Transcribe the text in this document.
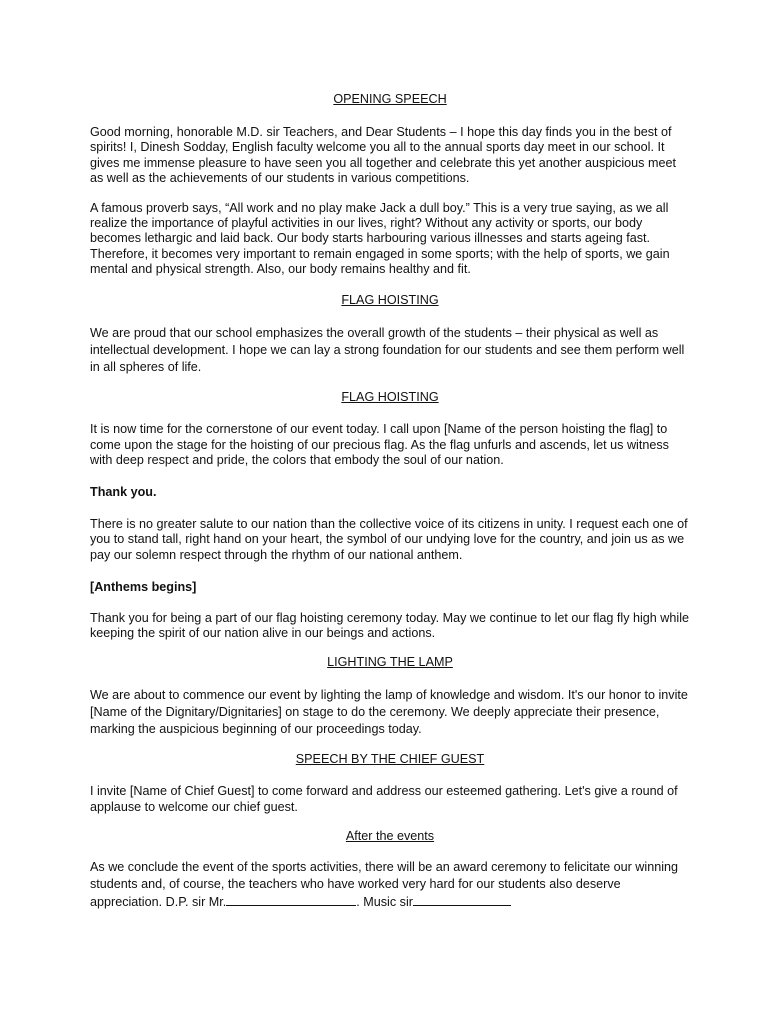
OPENING SPEECH

Good morning, honorable M.D. sir Teachers, and Dear Students – I hope this day finds you in the best of spirits! I, Dinesh Sodday, English faculty welcome you all to the annual sports day meet in our school. It gives me immense pleasure to have seen you all together and celebrate this yet another auspicious meet as well as the achievements of our students in various competitions.

A famous proverb says, “All work and no play make Jack a dull boy.” This is a very true saying, as we all realize the importance of playful activities in our lives, right? Without any activity or sports, our body becomes lethargic and laid back. Our body starts harbouring various illnesses and starts ageing fast. Therefore, it becomes very important to remain engaged in some sports; with the help of sports, we gain mental and physical strength. Also, our body remains healthy and fit.

FLAG HOISTING

We are proud that our school emphasizes the overall growth of the students – their physical as well as intellectual development. I hope we can lay a strong foundation for our students and see them perform well in all spheres of life.

FLAG HOISTING

It is now time for the cornerstone of our event today. I call upon [Name of the person hoisting the flag] to come upon the stage for the hoisting of our precious flag. As the flag unfurls and ascends, let us witness with deep respect and pride, the colors that embody the soul of our nation.

Thank you.

There is no greater salute to our nation than the collective voice of its citizens in unity. I request each one of you to stand tall, right hand on your heart, the symbol of our undying love for the country, and join us as we pay our solemn respect through the rhythm of our national anthem.

[Anthems begins]

Thank you for being a part of our flag hoisting ceremony today. May we continue to let our flag fly high while keeping the spirit of our nation alive in our beings and actions.

LIGHTING THE LAMP

We are about to commence our event by lighting the lamp of knowledge and wisdom. It's our honor to invite [Name of the Dignitary/Dignitaries] on stage to do the ceremony. We deeply appreciate their presence, marking the auspicious beginning of our proceedings today.

SPEECH BY THE CHIEF GUEST

I invite [Name of Chief Guest] to come forward and address our esteemed gathering. Let's give a round of applause to welcome our chief guest.

After the events

As we conclude the event of the sports activities, there will be an award ceremony to felicitate our winning students and, of course, the teachers who have worked very hard for our students also deserve appreciation. D.P. sir Mr.	. Music sir
